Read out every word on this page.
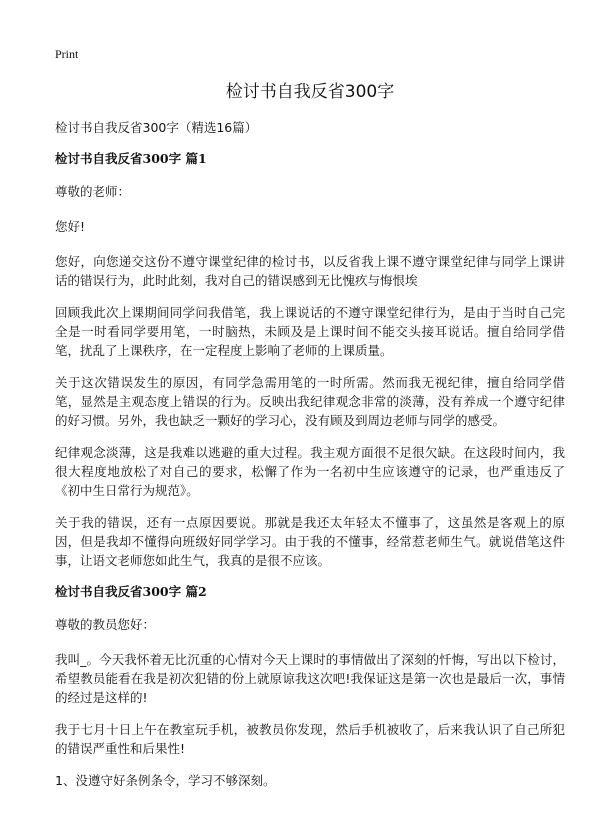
Print
检讨书自我反省300字
检讨书自我反省300字（精选16篇）
检讨书自我反省300字 篇1
尊敬的老师：
您好!
您好，向您递交这份不遵守课堂纪律的检讨书，以反省我上课不遵守课堂纪律与同学上课讲话的错误行为，此时此刻，我对自己的错误感到无比愧疚与悔恨埃
回顾我此次上课期间同学问我借笔，我上课说话的不遵守课堂纪律行为，是由于当时自己完全是一时看同学要用笔，一时脑热，未顾及是上课时间不能交头接耳说话。擅自给同学借笔，扰乱了上课秩序，在一定程度上影响了老师的上课质量。
关于这次错误发生的原因，有同学急需用笔的一时所需。然而我无视纪律，擅自给同学借笔，显然是主观态度上错误的行为。反映出我纪律观念非常的淡薄，没有养成一个遵守纪律的好习惯。另外，我也缺乏一颗好的学习心，没有顾及到周边老师与同学的感受。
纪律观念淡薄，这是我难以逃避的重大过程。我主观方面很不足很欠缺。在这段时间内，我很大程度地放松了对自己的要求，松懈了作为一名初中生应该遵守的记录，也严重违反了《初中生日常行为规范》。
关于我的错误，还有一点原因要说。那就是我还太年轻太不懂事了，这虽然是客观上的原因，但是我却不懂得向班级好同学学习。由于我的不懂事，经常惹老师生气。就说借笔这件事，让语文老师您如此生气，我真的是很不应该。
检讨书自我反省300字 篇2
尊敬的教员您好：
我叫_。今天我怀着无比沉重的心情对今天上课时的事情做出了深刻的忏悔，写出以下检讨，希望教员能看在我是初次犯错的份上就原谅我这次吧!我保证这是第一次也是最后一次，事情的经过是这样的!
我于七月十日上午在教室玩手机，被教员你发现，然后手机被收了，后来我认识了自己所犯的错误严重性和后果性!
1、没遵守好条例条令，学习不够深刻。
